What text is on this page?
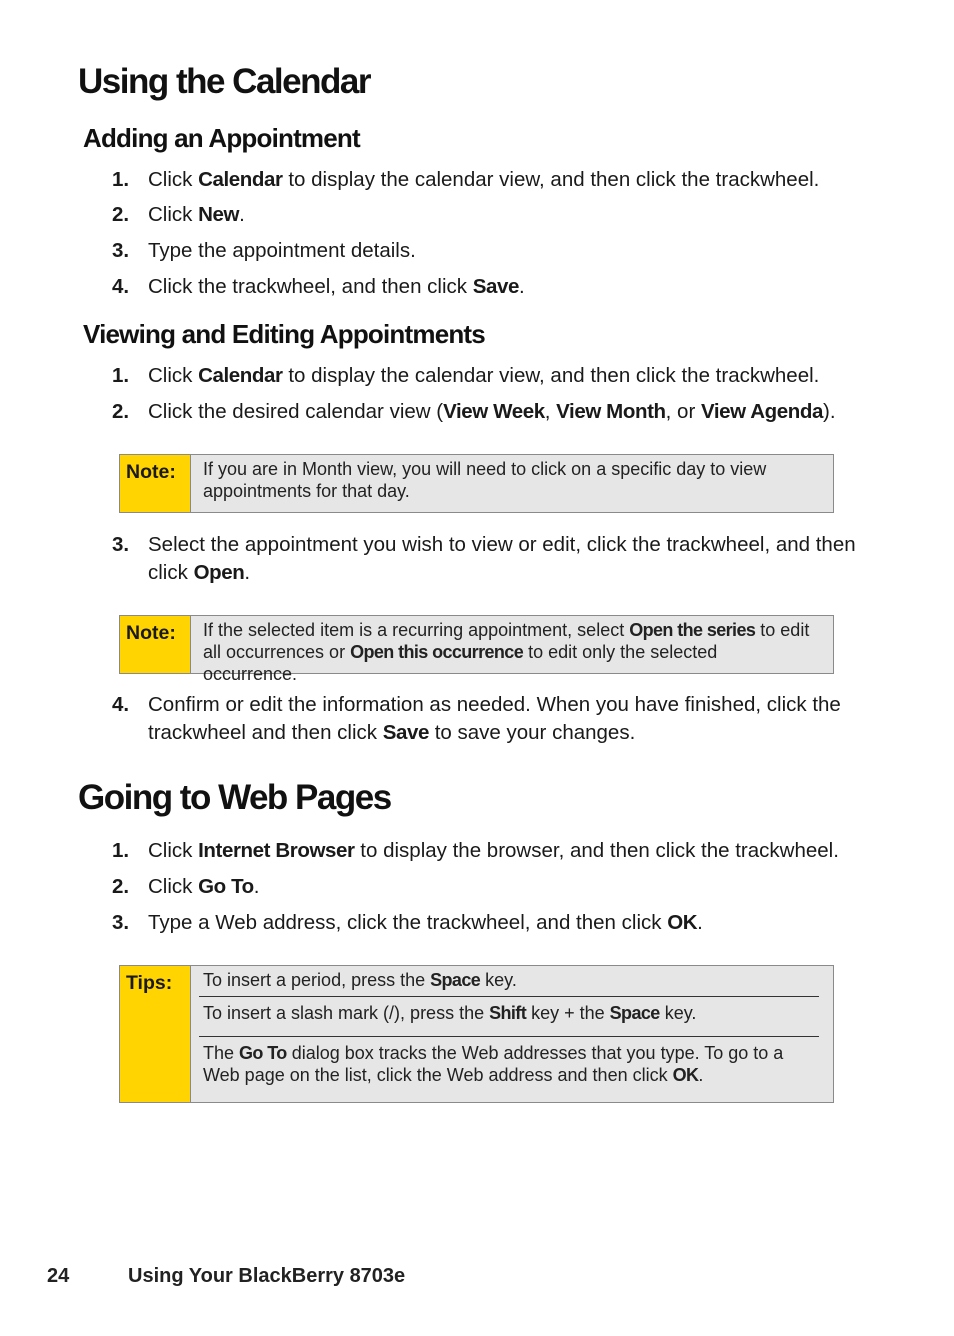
Using the Calendar
Adding an Appointment
1. Click Calendar to display the calendar view, and then click the trackwheel.
2. Click New.
3. Type the appointment details.
4. Click the trackwheel, and then click Save.
Viewing and Editing Appointments
1. Click Calendar to display the calendar view, and then click the trackwheel.
2. Click the desired calendar view (View Week, View Month, or View Agenda).
Note:	If you are in Month view, you will need to click on a specific day to view appointments for that day.
3. Select the appointment you wish to view or edit, click the trackwheel, and then click Open.
Note:	If the selected item is a recurring appointment, select Open the series to edit all occurrences or Open this occurrence to edit only the selected occurrence.
4. Confirm or edit the information as needed. When you have finished, click the trackwheel and then click Save to save your changes.
Going to Web Pages
1. Click Internet Browser to display the browser, and then click the trackwheel.
2. Click Go To.
3. Type a Web address, click the trackwheel, and then click OK.
Tips:	To insert a period, press the Space key.
To insert a slash mark (/), press the Shift key + the Space key.
The Go To dialog box tracks the Web addresses that you type. To go to a Web page on the list, click the Web address and then click OK.
24	Using Your BlackBerry 8703e
